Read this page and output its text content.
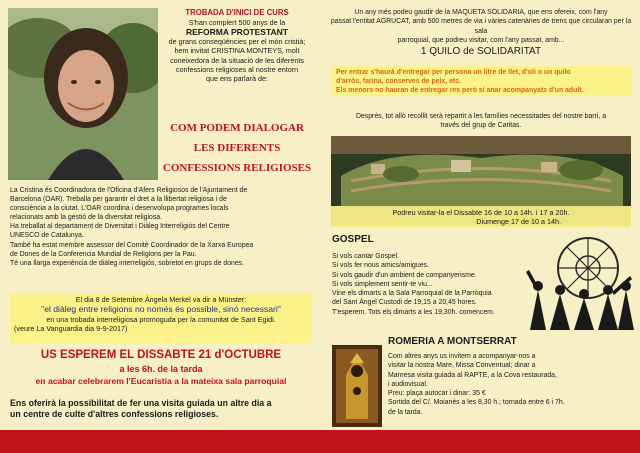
TROBADA D'INICI DE CURS
S'han complert 500 anys de la
REFORMA PROTESTANT
de grans conseqüències per el món cristià;
hem invitat CRISTINA MONTEYS, molt
coneixedora de la situació de les diferents
confessions religioses al nostre entorn
que ens parlarà de:
COM PODEM DIALOGAR
LES DIFERENTS
CONFESSIONS RELIGIOSES
La Cristina és Coordinadora de l'Oficina d'Afers Religiosos de l'Ajuntament de
Barcelona (OAR). Treballa per garantir el dret a la llibertat religiosa i de
consciència a la ciutat. L'OAR coordina i desenvolupa programes locals
relacionats amb la gestió de la diversitat religiosa.
Ha treballat al departament de Diversitat i Diàleg Interreligiós del Centre
UNESCO de Catalunya.
També ha estat membre assessor del Comitè Coordinador de la Xarxa Europea
de Dones de la Conferencia Mundial de Religions per la Pau.
Té una llarga experiència de diàleg interreligiós, sobretot en grups de dones.
El dia 8 de Setembre Àngela Merkel va dir a Münster:
"el diàleg entre religions no només és possible, sinó necessari"
en una trobada interreligiosa promoguda per la comunitat de Sant Egidi.
(veure La Vanguardia dia 9-9-2017)
US ESPEREM EL DISSABTE 21 d'OCTUBRE
a les 6h. de la tarda
en acabar celebrarem l'Eucaristia a la mateixa sala parroquial
Ens oferirà la possibilitat de fer una visita guiada un altre dia a
un centre de culte d'altres confessions religioses.
Un any més podeu gaudir de la MAQUETA SOLIDARIA, que ens ofereix, com l'any
passat l'entitat AGRUCAT, amb 500 metres de via i vàries catenàries de trens que circularan per la sala
parroquial, que podreu visitar, com l'any passat, amb...
1 QUILO de SOLIDARITAT
Per entrar s'haurà d'entregar per persona un litre de llet, d'oli o un quilo
d'arròs, farina, conserves de peix, etc.
Els menors no hauran de entregar res però sí anar acompanyats d'un adult.
Després, tot allò recollit serà repartit a les famílies necessitades del nostre barri, a
través del grup de Caritas.
Podreu visitar-la el Dissabte 16 de 10 a 14h. i 17 a 20h.
Diumenge 17 de 10 a 14h.
GOSPEL
Si vols cantar Gospel.
Si vols fer nous amics/amigues.
Si vols gaudir d'un ambient de companyerisme.
Si vols simplement sentir-te viu...
Vine els dimarts a la Sala Parroquial de la Parròquia
del Sant Àngel Custodi de 19,15 a 20,45 hores.
T'esperem. Tots els dimarts a les 19,30h. comencem.
ROMERIA A MONTSERRAT
Com altres anys us invitem a acompanyar-nos a
visitar la nostra Mare, Missa Conventual; dinar a
Manresa visita guiada al RAPTE, a la Cova restaurada,
i audiovisual.
Preu: plaça autocar i dinar: 35 €
Sortida del C/. Moianès a les 8,30 h.; tornada entre 6 i 7h.
de la tarda.
